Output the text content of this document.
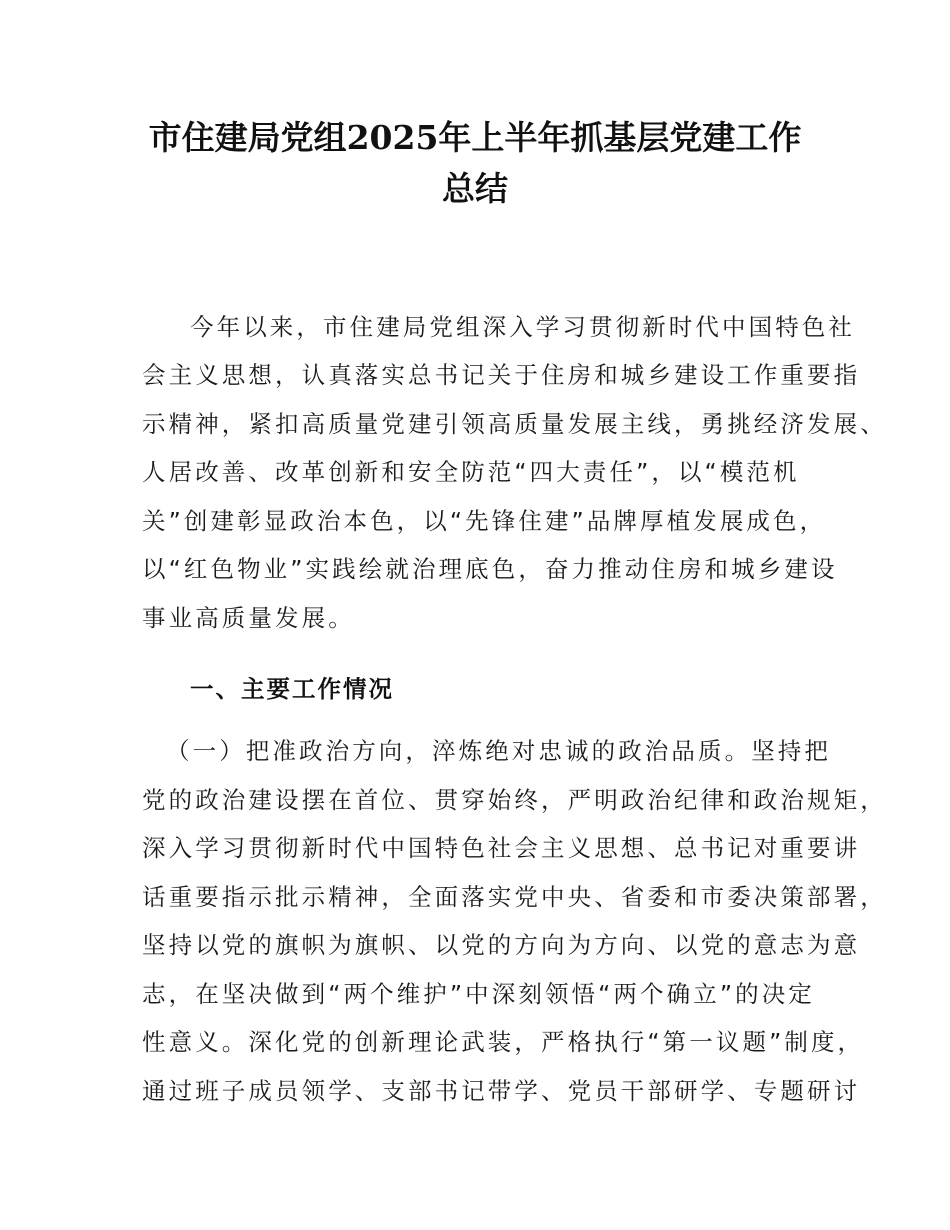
市住建局党组2025年上半年抓基层党建工作
总结
今年以来，市住建局党组深入学习贯彻新时代中国特色社
会主义思想，认真落实总书记关于住房和城乡建设工作重要指
示精神，紧扣高质量党建引领高质量发展主线，勇挑经济发展、
人居改善、改革创新和安全防范“四大责任”，以“模范机
关”创建彰显政治本色，以“先锋住建”品牌厚植发展成色，
以“红色物业”实践绘就治理底色，奋力推动住房和城乡建设
事业高质量发展。
一、主要工作情况
（一）把准政治方向，淬炼绝对忠诚的政治品质。坚持把
党的政治建设摆在首位、贯穿始终，严明政治纪律和政治规矩，
深入学习贯彻新时代中国特色社会主义思想、总书记对重要讲
话重要指示批示精神，全面落实党中央、省委和市委决策部署，
坚持以党的旗帜为旗帜、以党的方向为方向、以党的意志为意
志，在坚决做到“两个维护”中深刻领悟“两个确立”的决定
性意义。深化党的创新理论武装，严格执行“第一议题”制度，
通过班子成员领学、支部书记带学、党员干部研学、专题研讨
